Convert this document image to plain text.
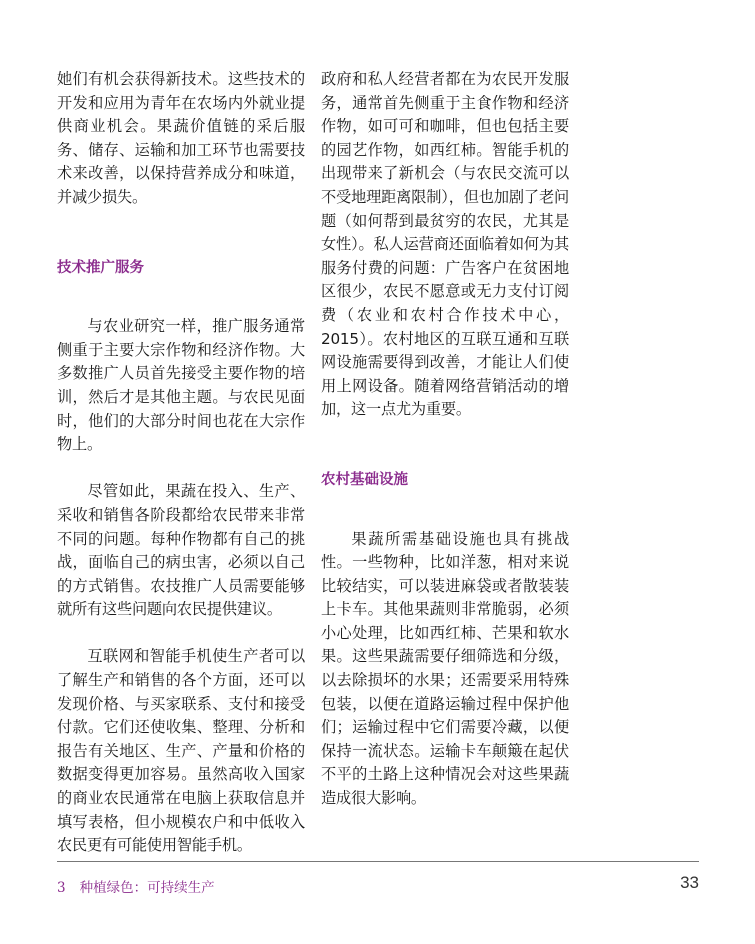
她们有机会获得新技术。这些技术的开发和应用为青年在农场内外就业提供商业机会。果蔬价值链的采后服务、储存、运输和加工环节也需要技术来改善，以保持营养成分和味道，并减少损失。

技术推广服务

与农业研究一样，推广服务通常侧重于主要大宗作物和经济作物。大多数推广人员首先接受主要作物的培训，然后才是其他主题。与农民见面时，他们的大部分时间也花在大宗作物上。

尽管如此，果蔬在投入、生产、采收和销售各阶段都给农民带来非常不同的问题。每种作物都有自己的挑战，面临自己的病虫害，必须以自己的方式销售。农技推广人员需要能够就所有这些问题向农民提供建议。

互联网和智能手机使生产者可以了解生产和销售的各个方面，还可以发现价格、与买家联系、支付和接受付款。它们还使收集、整理、分析和报告有关地区、生产、产量和价格的数据变得更加容易。虽然高收入国家的商业农民通常在电脑上获取信息并填写表格，但小规模农户和中低收入农民更有可能使用智能手机。

政府和私人经营者都在为农民开发服务，通常首先侧重于主食作物和经济作物，如可可和咖啡，但也包括主要的园艺作物，如西红柿。智能手机的出现带来了新机会（与农民交流可以不受地理距离限制），但也加剧了老问题（如何帮到最贫穷的农民，尤其是女性）。私人运营商还面临着如何为其服务付费的问题：广告客户在贫困地区很少，农民不愿意或无力支付订阅费（农业和农村合作技术中心，2015）。农村地区的互联互通和互联网设施需要得到改善，才能让人们使用上网设备。随着网络营销活动的增加，这一点尤为重要。

农村基础设施

果蔬所需基础设施也具有挑战性。一些物种，比如洋葱，相对来说比较结实，可以装进麻袋或者散装装上卡车。其他果蔬则非常脆弱，必须小心处理，比如西红柿、芒果和软水果。这些果蔬需要仔细筛选和分级，以去除损坏的水果；还需要采用特殊包装，以便在道路运输过程中保护他们；运输过程中它们需要冷藏，以便保持一流状态。运输卡车颠簸在起伏不平的土路上这种情况会对这些果蔬造成很大影响。

3 种植绿色：可持续生产	33
